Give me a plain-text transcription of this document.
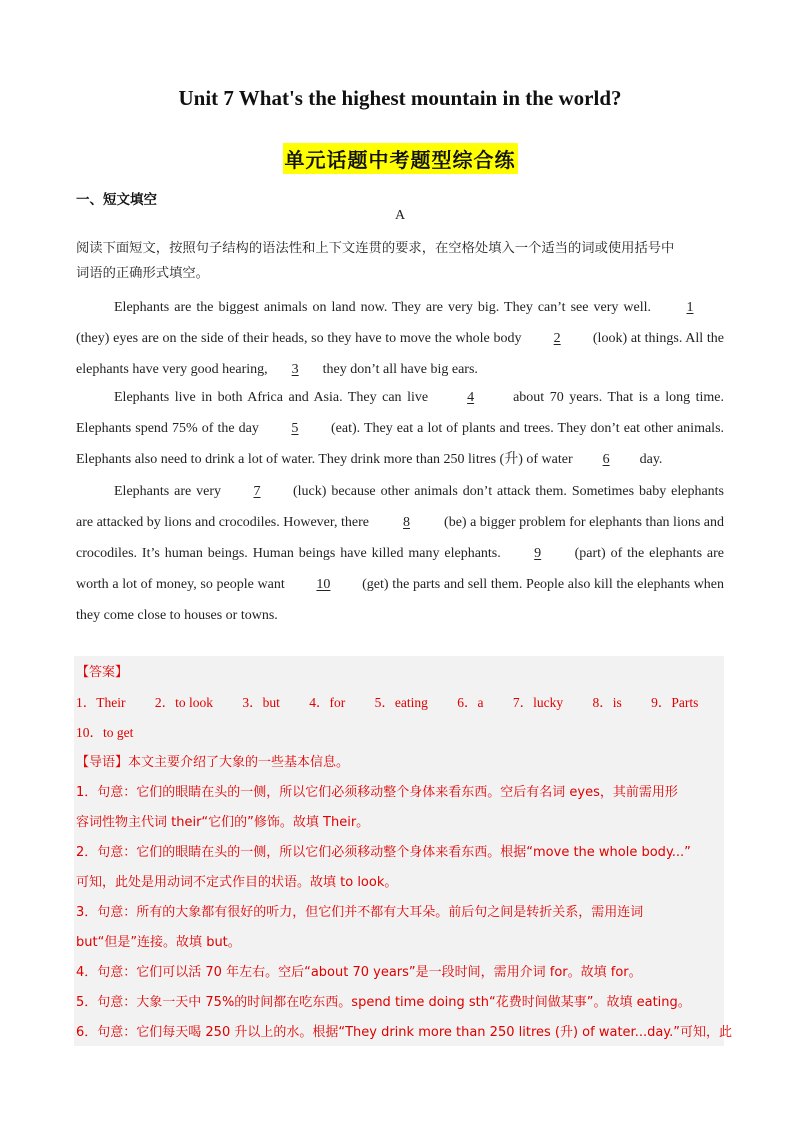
Unit 7 What's the highest mountain in the world?
单元话题中考题型综合练
一、短文填空
A
阅读下面短文，按照句子结构的语法性和上下文连贯的要求，在空格处填入一个适当的词或使用括号中
词语的正确形式填空。
Elephants are the biggest animals on land now. They are very big. They can’t see very well.	1 (they) eyes are on the side of their heads, so they have to move the whole body 2 (look) at things. All the elephants have very good hearing, 3 they don’t all have big ears.
Elephants live in both Africa and Asia. They can live	4	about 70 years. That is a long time. Elephants spend 75% of the day 5 (eat). They eat a lot of plants and trees. They don’t eat other animals. Elephants also need to drink a lot of water. They drink more than 250 litres (升) of water 6 day.
Elephants are very 7 (luck) because other animals don’t attack them. Sometimes baby elephants are attacked by lions and crocodiles. However, there 8 (be) a bigger problem for elephants than lions and crocodiles. It’s human beings. Human beings have killed many elephants. 9 (part) of the elephants are worth a lot of money, so people want 10 (get) the parts and sell them. People also kill the elephants when they come close to houses or towns.
【答案】
1．Their 2．to look 3．but 4．for 5．eating 6．a 7．lucky 8．is 9．Parts
10．to get
【导语】本文主要介绍了大象的一些基本信息。
1．句意：它们的眼睛在头的一侧，所以它们必须移动整个身体来看东西。空后有名词 eyes，其前需用形
容词性物主代词 their“它们的”修饰。故填 Their。
2．句意：它们的眼睛在头的一侧，所以它们必须移动整个身体来看东西。根据“move the whole body...”
可知，此处是用动词不定式作目的状语。故填 to look。
3．句意：所有的大象都有很好的听力，但它们并不都有大耳朵。前后句之间是转折关系，需用连词
but“但是”连接。故填 but。
4．句意：它们可以活 70 年左右。空后“about 70 years”是一段时间，需用介词 for。故填 for。
5．句意：大象一天中 75%的时间都在吃东西。spend time doing sth“花费时间做某事”。故填 eating。
6．句意：它们每天喝 250 升以上的水。根据“They drink more than 250 litres (升) of water...day.”可知，此
